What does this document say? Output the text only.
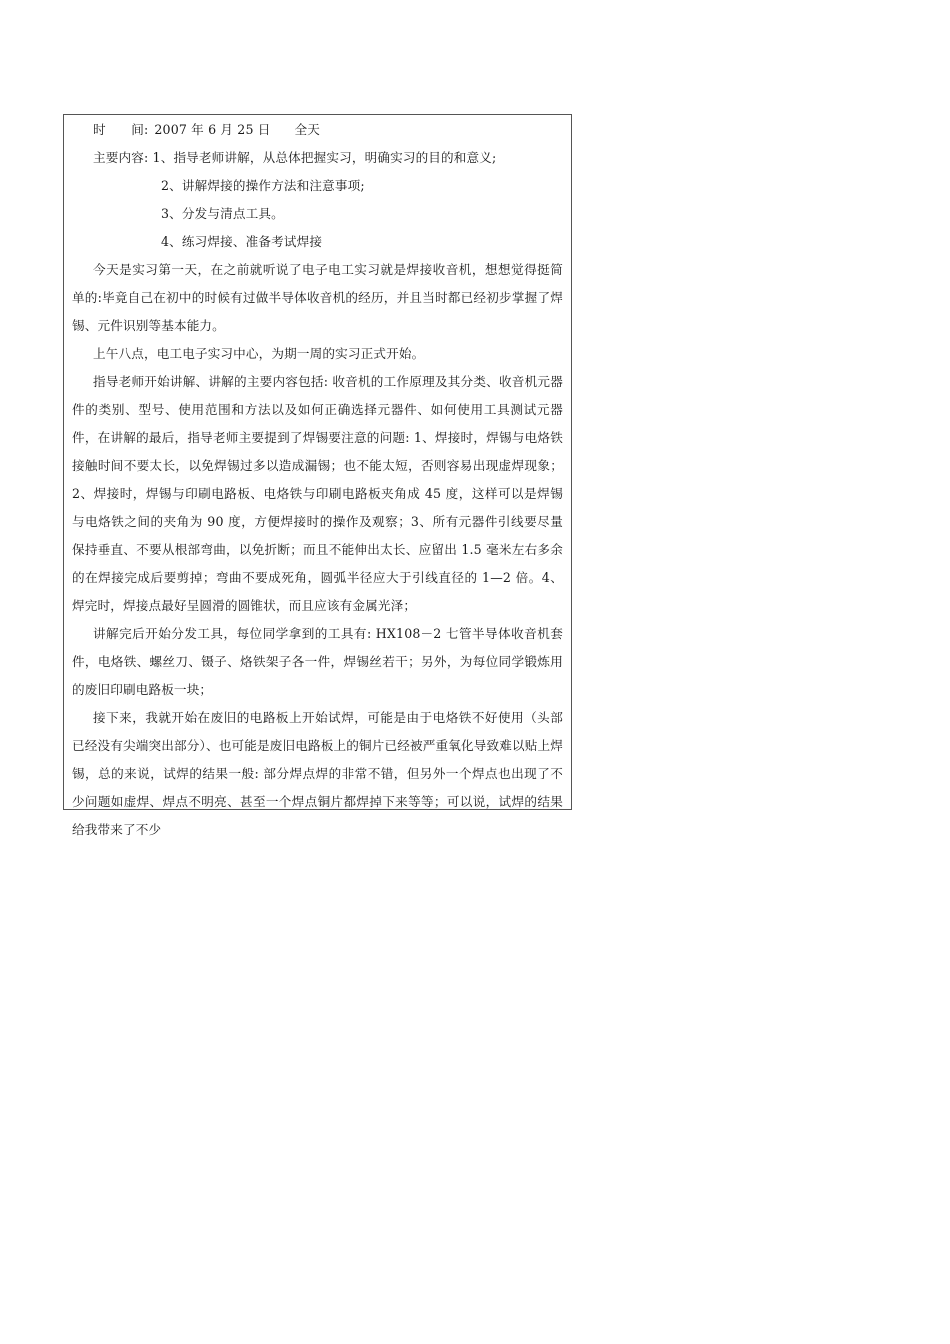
时　　间: 2007 年 6 月 25 日 全天

主要内容: 1、指导老师讲解，从总体把握实习，明确实习的目的和意义;

2、讲解焊接的操作方法和注意事项;

3、分发与清点工具。

4、练习焊接、准备考试焊接

今天是实习第一天，在之前就听说了电子电工实习就是焊接收音机，想想觉得挺简单的:毕竟自己在初中的时候有过做半导体收音机的经历，并且当时都已经初步掌握了焊锡、元件识别等基本能力。

上午八点，电工电子实习中心，为期一周的实习正式开始。

指导老师开始讲解、讲解的主要内容包括: 收音机的工作原理及其分类、收音机元器件的类别、型号、使用范围和方法以及如何正确选择元器件、如何使用工具测试元器件，在讲解的最后，指导老师主要提到了焊锡要注意的问题: 1、焊接时，焊锡与电烙铁接触时间不要太长，以免焊锡过多以造成漏锡；也不能太短，否则容易出现虚焊现象；2、焊接时，焊锡与印刷电路板、电烙铁与印刷电路板夹角成 45 度，这样可以是焊锡与电烙铁之间的夹角为 90 度，方便焊接时的操作及观察；3、所有元器件引线要尽量保持垂直、不要从根部弯曲，以免折断；而且不能伸出太长、应留出 1.5 毫米左右多余的在焊接完成后要剪掉；弯曲不要成死角，圆弧半径应大于引线直径的 1—2 倍。4、焊完时，焊接点最好呈圆滑的圆锥状，而且应该有金属光泽；

讲解完后开始分发工具，每位同学拿到的工具有: HX108－2 七管半导体收音机套件，电烙铁、螺丝刀、镊子、烙铁架子各一件，焊锡丝若干；另外，为每位同学锻炼用的废旧印刷电路板一块；

接下来，我就开始在废旧的电路板上开始试焊，可能是由于电烙铁不好使用（头部已经没有尖端突出部分）、也可能是废旧电路板上的铜片已经被严重氧化导致难以贴上焊锡，总的来说，试焊的结果一般: 部分焊点焊的非常不错，但另外一个焊点也出现了不少问题如虚焊、焊点不明亮、甚至一个焊点铜片都焊掉下来等等；可以说，试焊的结果给我带来了不少
